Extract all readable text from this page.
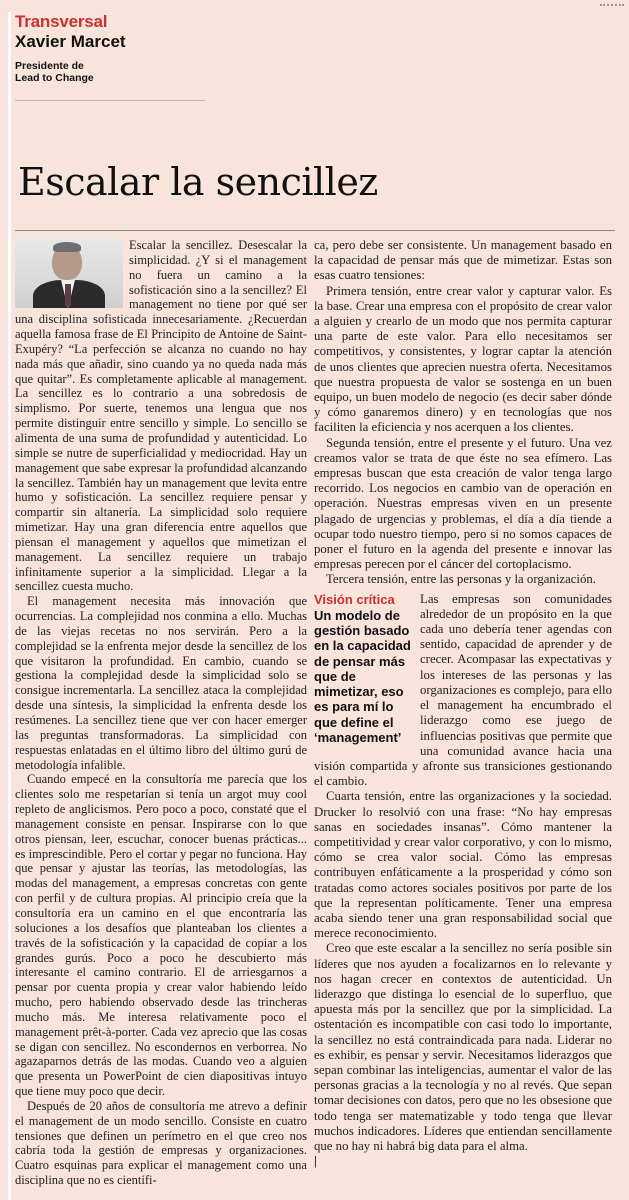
Transversal
Xavier Marcet
Presidente de
Lead to Change
Escalar la sencillez

Escalar la sencillez. Desescalar la simplicidad. ¿Y si el management no fuera un camino a la sofisticación sino a la sencillez? El management no tiene por qué ser una disciplina sofisticada innecesariamente. ¿Recuerdan aquella famosa frase de El Principito de Antoine de Saint-Exupéry? “La perfección se alcanza no cuando no hay nada más que añadir, sino cuando ya no queda nada más que quitar”. Es completamente aplicable al management. La sencillez es lo contrario a una sobredosis de simplismo. Por suerte, tenemos una lengua que nos permite distinguir entre sencillo y simple. Lo sencillo se alimenta de una suma de profundidad y autenticidad. Lo simple se nutre de superficialidad y mediocridad. Hay un management que sabe expresar la profundidad alcanzando la sencillez. También hay un management que levita entre humo y sofisticación. La sencillez requiere pensar y compartir sin altanería. La simplicidad solo requiere mimetizar. Hay una gran diferencia entre aquellos que piensan el management y aquellos que mimetizan el management. La sencillez requiere un trabajo infinitamente superior a la simplicidad. Llegar a la sencillez cuesta mucho.

El management necesita más innovación que ocurrencias. La complejidad nos conmina a ello. Muchas de las viejas recetas no nos servirán. Pero a la complejidad se la enfrenta mejor desde la sencillez de los que visitaron la profundidad. En cambio, cuando se gestiona la complejidad desde la simplicidad solo se consigue incrementarla. La sencillez ataca la complejidad desde una síntesis, la simplicidad la enfrenta desde los resúmenes. La sencillez tiene que ver con hacer emerger las preguntas transformadoras. La simplicidad con respuestas enlatadas en el último libro del último gurú de metodología infalible.

Cuando empecé en la consultoría me parecía que los clientes solo me respetarían si tenía un argot muy cool repleto de anglicismos. Pero poco a poco, constaté que el management consiste en pensar. Inspirarse con lo que otros piensan, leer, escuchar, conocer buenas prácticas... es imprescindible. Pero el cortar y pegar no funciona. Hay que pensar y ajustar las teorías, las metodologías, las modas del management, a empresas concretas con gente con perfil y de cultura propias. Al principio creía que la consultoría era un camino en el que encontraría las soluciones a los desafíos que planteaban los clientes a través de la sofisticación y la capacidad de copiar a los grandes gurús. Poco a poco he descubierto más interesante el camino contrario. El de arriesgarnos a pensar por cuenta propia y crear valor habiendo leído mucho, pero habiendo observado desde las trincheras mucho más. Me interesa relativamente poco el management prêt-à-porter. Cada vez aprecio que las cosas se digan con sencillez. No escondernos en verborrea. No agazaparnos detrás de las modas. Cuando veo a alguien que presenta un PowerPoint de cien diapositivas intuyo que tiene muy poco que decir.

Después de 20 años de consultoría me atrevo a definir el management de un modo sencillo. Consiste en cuatro tensiones que definen un perímetro en el que creo nos cabría toda la gestión de empresas y organizaciones. Cuatro esquinas para explicar el management como una disciplina que no es científi-

ca, pero debe ser consistente. Un management basado en la capacidad de pensar más que de mimetizar. Estas son esas cuatro tensiones:

Primera tensión, entre crear valor y capturar valor. Es la base. Crear una empresa con el propósito de crear valor a alguien y crearlo de un modo que nos permita capturar una parte de este valor. Para ello necesitamos ser competitivos, y consistentes, y lograr captar la atención de unos clientes que aprecien nuestra oferta. Necesitamos que nuestra propuesta de valor se sostenga en un buen equipo, un buen modelo de negocio (es decir saber dónde y cómo ganaremos dinero) y en tecnologías que nos faciliten la eficiencia y nos acerquen a los clientes.

Segunda tensión, entre el presente y el futuro. Una vez creamos valor se trata de que éste no sea efímero. Las empresas buscan que esta creación de valor tenga largo recorrido. Los negocios en cambio van de operación en operación. Nuestras empresas viven en un presente plagado de urgencias y problemas, el día a día tiende a ocupar todo nuestro tiempo, pero si no somos capaces de poner el futuro en la agenda del presente e innovar las empresas perecen por el cáncer del cortoplacismo.

Tercera tensión, entre las personas y la organización.

Visión crítica
Un modelo de gestión basado en la capacidad de pensar más que de mimetizar, eso es para mí lo que define el ‘management’

Las empresas son comunidades alrededor de un propósito en la que cada uno debería tener agendas con sentido, capacidad de aprender y de crecer. Acompasar las expectativas y los intereses de las personas y las organizaciones es complejo, para ello el management ha encumbrado el liderazgo como ese juego de influencias positivas que permite que una comunidad avance hacia una visión compartida y afronte sus transiciones gestionando el cambio.

Cuarta tensión, entre las organizaciones y la sociedad. Drucker lo resolvió con una frase: “No hay empresas sanas en sociedades insanas”. Cómo mantener la competitividad y crear valor corporativo, y con lo mismo, cómo se crea valor social. Cómo las empresas contribuyen enfáticamente a la prosperidad y cómo son tratadas como actores sociales positivos por parte de los que la representan políticamente. Tener una empresa acaba siendo tener una gran responsabilidad social que merece reconocimiento.

Creo que este escalar a la sencillez no sería posible sin líderes que nos ayuden a focalizarnos en lo relevante y nos hagan crecer en contextos de autenticidad. Un liderazgo que distinga lo esencial de lo superfluo, que apuesta más por la sencillez que por la simplicidad. La ostentación es incompatible con casi todo lo importante, la sencillez no está contraindicada para nada. Liderar no es exhibir, es pensar y servir. Necesitamos liderazgos que sepan combinar las inteligencias, aumentar el valor de las personas gracias a la tecnología y no al revés. Que sepan tomar decisiones con datos, pero que no les obsesione que todo tenga ser matematizable y todo tenga que llevar muchos indicadores. Líderes que entiendan sencillamente que no hay ni habrá big data para el alma.

|
